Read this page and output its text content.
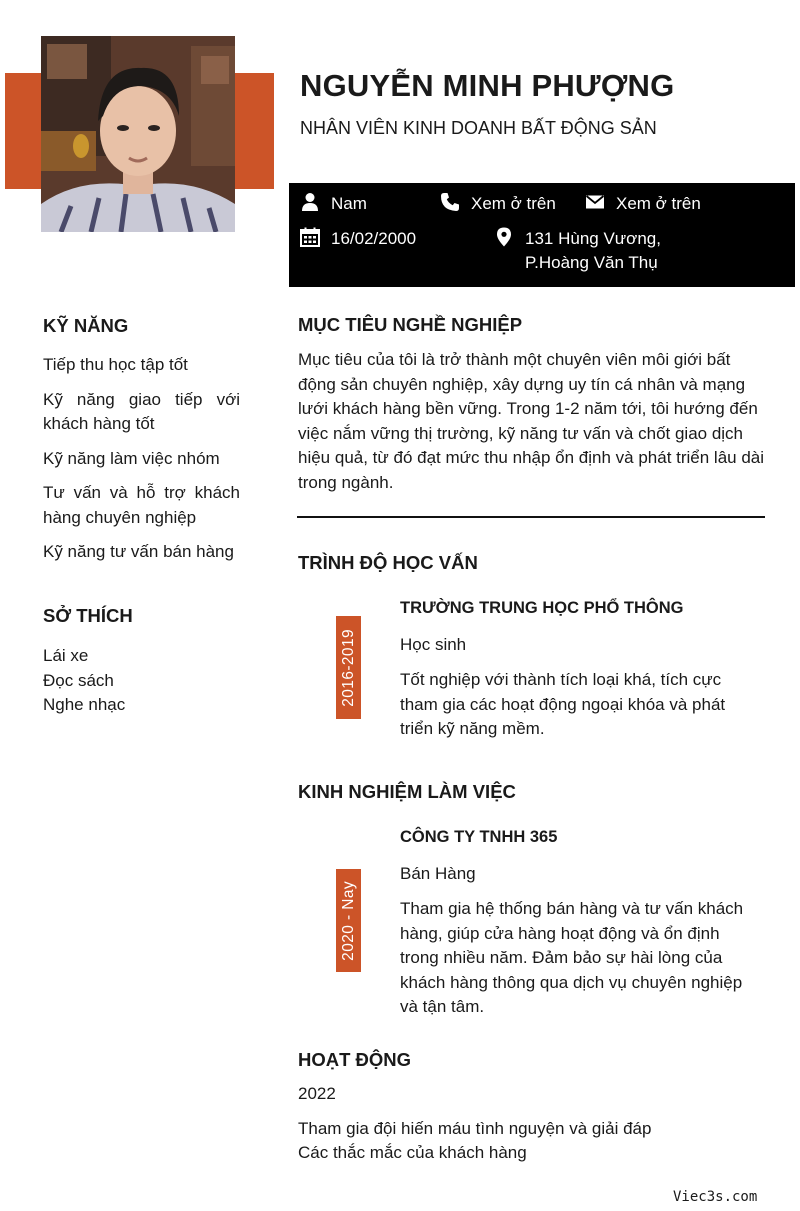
NGUYỄN MINH PHƯỢNG
NHÂN VIÊN KINH DOANH BẤT ĐỘNG SẢN
Nam	Xem ở trên	Xem ở trên
16/02/2000	131 Hùng Vương,
P.Hoàng Văn Thụ
KỸ NĂNG
Tiếp thu học tập tốt
Kỹ năng giao tiếp với khách hàng tốt
Kỹ năng làm việc nhóm
Tư vấn và hỗ trợ khách hàng chuyên nghiệp
Kỹ năng tư vấn bán hàng
SỞ THÍCH
Lái xe
Đọc sách
Nghe nhạc
MỤC TIÊU NGHỀ NGHIỆP

Mục tiêu của tôi là trở thành một chuyên viên môi giới bất động sản chuyên nghiệp, xây dựng uy tín cá nhân và mạng lưới khách hàng bền vững. Trong 1-2 năm tới, tôi hướng đến việc nắm vững thị trường, kỹ năng tư vấn và chốt giao dịch hiệu quả, từ đó đạt mức thu nhập ổn định và phát triển lâu dài trong ngành.

TRÌNH ĐỘ HỌC VẤN
2016-2019
TRƯỜNG TRUNG HỌC PHỔ THÔNG
Học sinh

Tốt nghiệp với thành tích loại khá, tích cực tham gia các hoạt động ngoại khóa và phát triển kỹ năng mềm.

KINH NGHIỆM LÀM VIỆC
2020 - Nay
CÔNG TY TNHH 365
Bán Hàng

Tham gia hệ thống bán hàng và tư vấn khách hàng, giúp cửa hàng hoạt động và ổn định trong nhiều năm. Đảm bảo sự hài lòng của khách hàng thông qua dịch vụ chuyên nghiệp và tận tâm.

HOẠT ĐỘNG
2022
Tham gia đội hiến máu tình nguyện và giải đáp
Các thắc mắc của khách hàng
Viec3s.com
